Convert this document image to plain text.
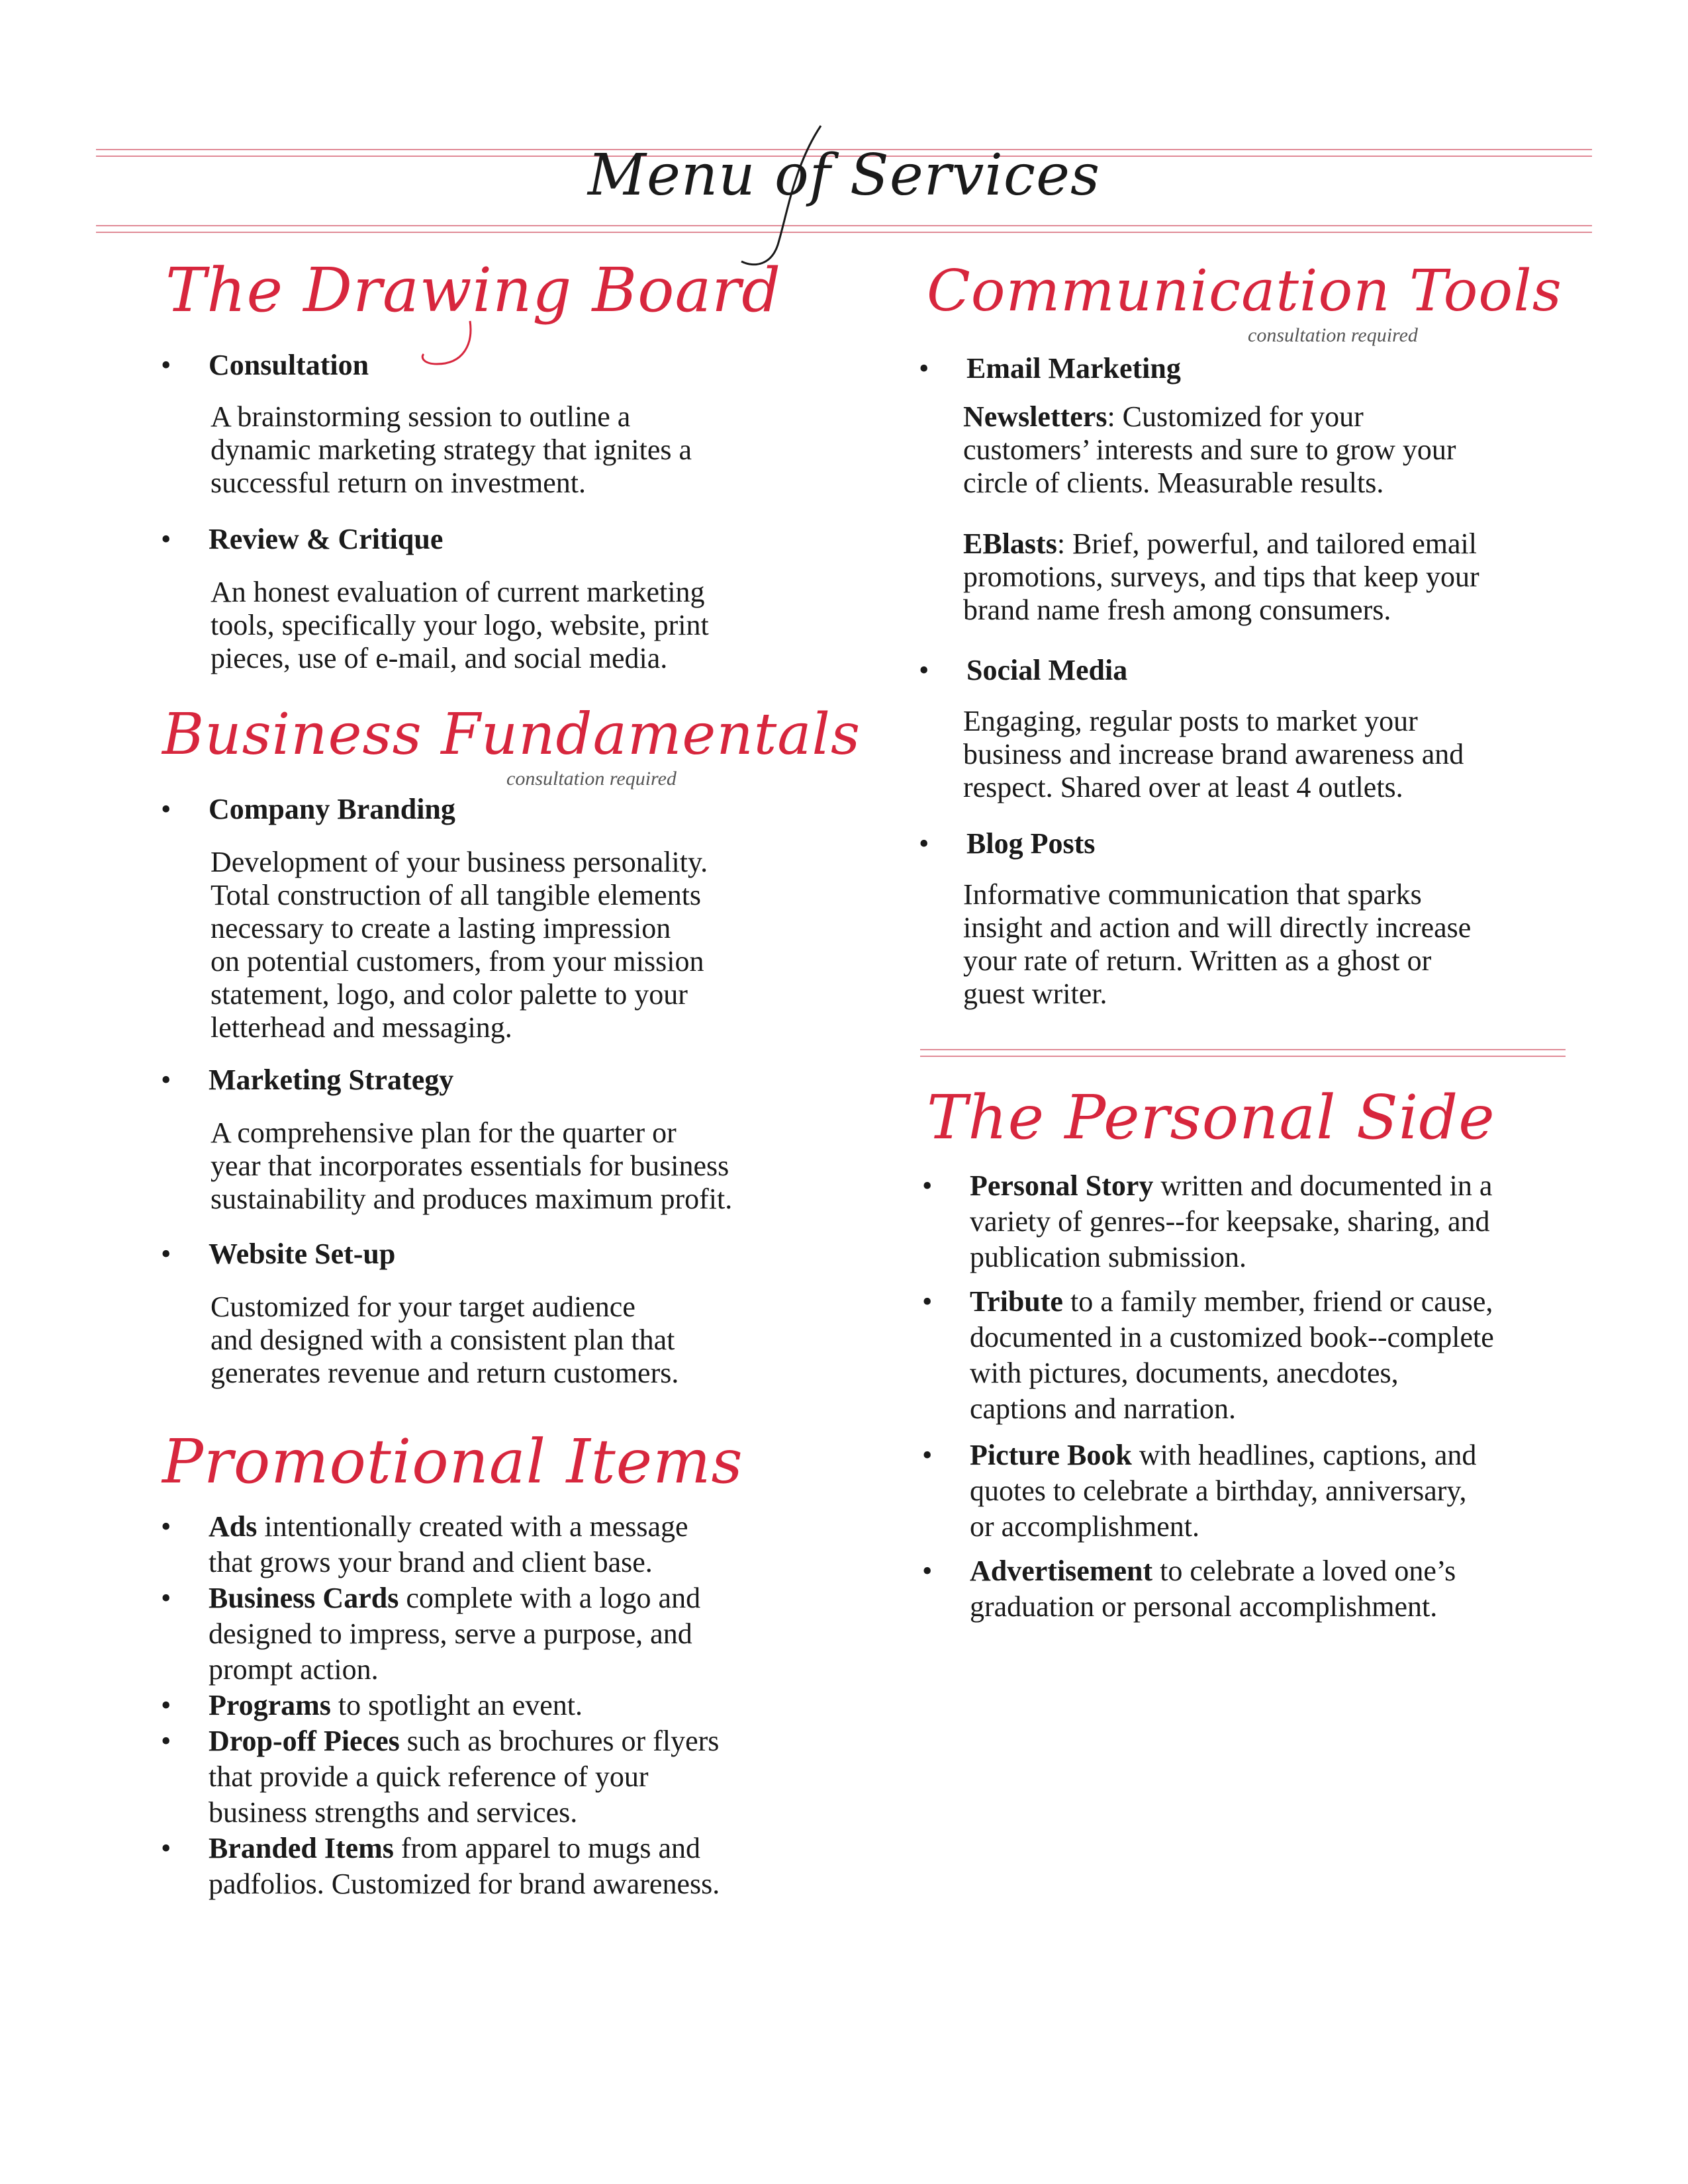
Menu of Services
The Drawing Board
• Consultation
A brainstorming session to outline a
dynamic marketing strategy that ignites a
successful return on investment.
• Review & Critique
An honest evaluation of current marketing
tools, specifically your logo, website, print
pieces, use of e-mail, and social media.
Business Fundamentals
consultation required
• Company Branding
Development of your business personality.
Total construction of all tangible elements
necessary to create a lasting impression
on potential customers, from your mission
statement, logo, and color palette to your
letterhead and messaging.
• Marketing Strategy
A comprehensive plan for the quarter or
year that incorporates essentials for business
sustainability and produces maximum profit.
• Website Set-up
Customized for your target audience
and designed with a consistent plan that
generates revenue and return customers.
Promotional Items
• Ads intentionally created with a message
that grows your brand and client base.
• Business Cards complete with a logo and
designed to impress, serve a purpose, and
prompt action.
• Programs to spotlight an event.
• Drop-off Pieces such as brochures or flyers
that provide a quick reference of your
business strengths and services.
• Branded Items from apparel to mugs and
padfolios. Customized for brand awareness.
Communication Tools
consultation required
• Email Marketing
Newsletters: Customized for your
customers’ interests and sure to grow your
circle of clients. Measurable results.
EBlasts: Brief, powerful, and tailored email
promotions, surveys, and tips that keep your
brand name fresh among consumers.
• Social Media
Engaging, regular posts to market your
business and increase brand awareness and
respect. Shared over at least 4 outlets.
• Blog Posts
Informative communication that sparks
insight and action and will directly increase
your rate of return. Written as a ghost or
guest writer.
The Personal Side
• Personal Story written and documented in a
variety of genres--for keepsake, sharing, and
publication submission.
• Tribute to a family member, friend or cause,
documented in a customized book--complete
with pictures, documents, anecdotes,
captions and narration.
• Picture Book with headlines, captions, and
quotes to celebrate a birthday, anniversary,
or accomplishment.
• Advertisement to celebrate a loved one’s
graduation or personal accomplishment.
